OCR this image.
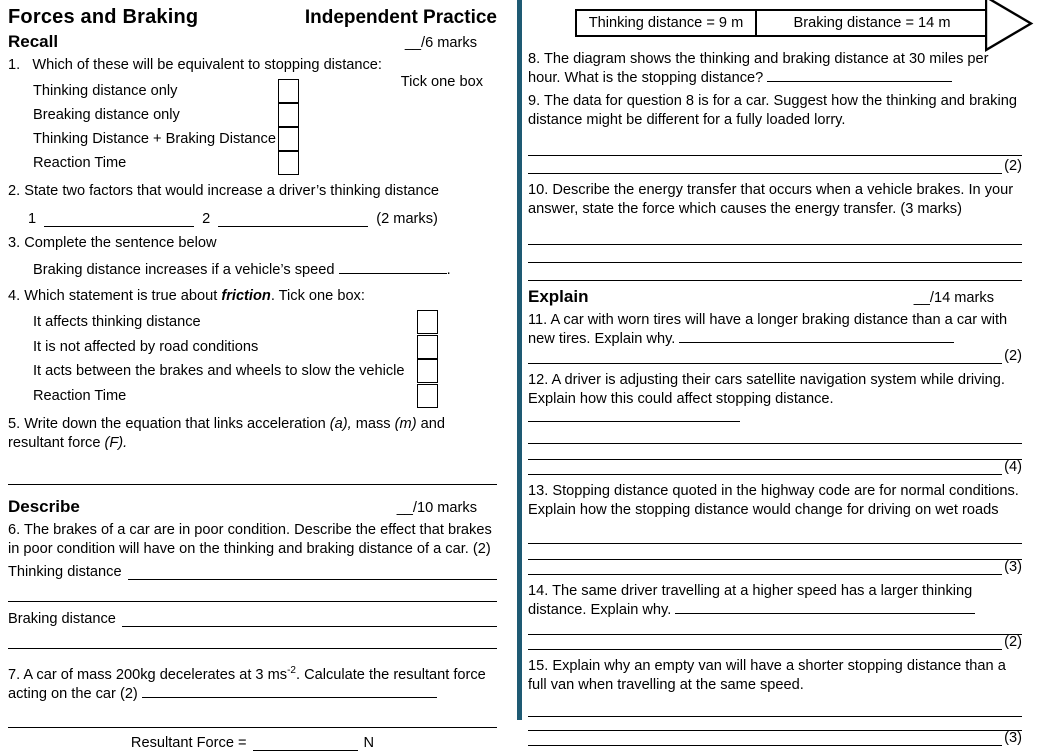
Forces and Braking	Independent Practice
Recall	__/6 marks

1.   Which of these will be equivalent to stopping distance:

Tick one box
Thinking distance only
Breaking distance only
Thinking Distance + Braking Distance
Reaction Time

2. State two factors that would increase a driver’s thinking distance

1	2	(2 marks)

3. Complete the sentence below

Braking distance increases if a vehicle’s speed	.

4. Which statement is true about friction. Tick one box:

It affects thinking distance
It is not affected by road conditions
It acts between the brakes and wheels to slow the vehicle
Reaction Time

5. Write down the equation that links acceleration (a), mass (m) and resultant force (F).

Describe	__/10 marks

6. The brakes of a car are in poor condition. Describe the effect that brakes in poor condition will have on the thinking and braking distance of a car. (2)

Thinking distance
Braking distance

7. A car of mass 200kg decelerates at 3 $ms^{-2}$. Calculate the resultant force acting on the car (2)

Resultant Force =	N
Thinking distance = 9 m	Braking distance = 14 m

8. The diagram shows the thinking and braking distance at 30 miles per hour. What is the stopping distance?

9. The data for question 8 is for a car. Suggest how the thinking and braking distance might be different for a fully loaded lorry.

(2)

10. Describe the energy transfer that occurs when a vehicle brakes. In your answer, state the force which causes the energy transfer. (3 marks)

Explain	__/14 marks

11. A car with worn tires will have a longer braking distance than a car with new tires. Explain why.

(2)

12. A driver is adjusting their cars satellite navigation system while driving. Explain how this could affect stopping distance.

(4)

13. Stopping distance quoted in the highway code are for normal conditions. Explain how the stopping distance would change for driving on wet roads

(3)

14. The same driver travelling at a higher speed has a larger thinking distance. Explain why.

(2)

15. Explain why an empty van will have a shorter stopping distance than a full van when travelling at the same speed.

(3)
